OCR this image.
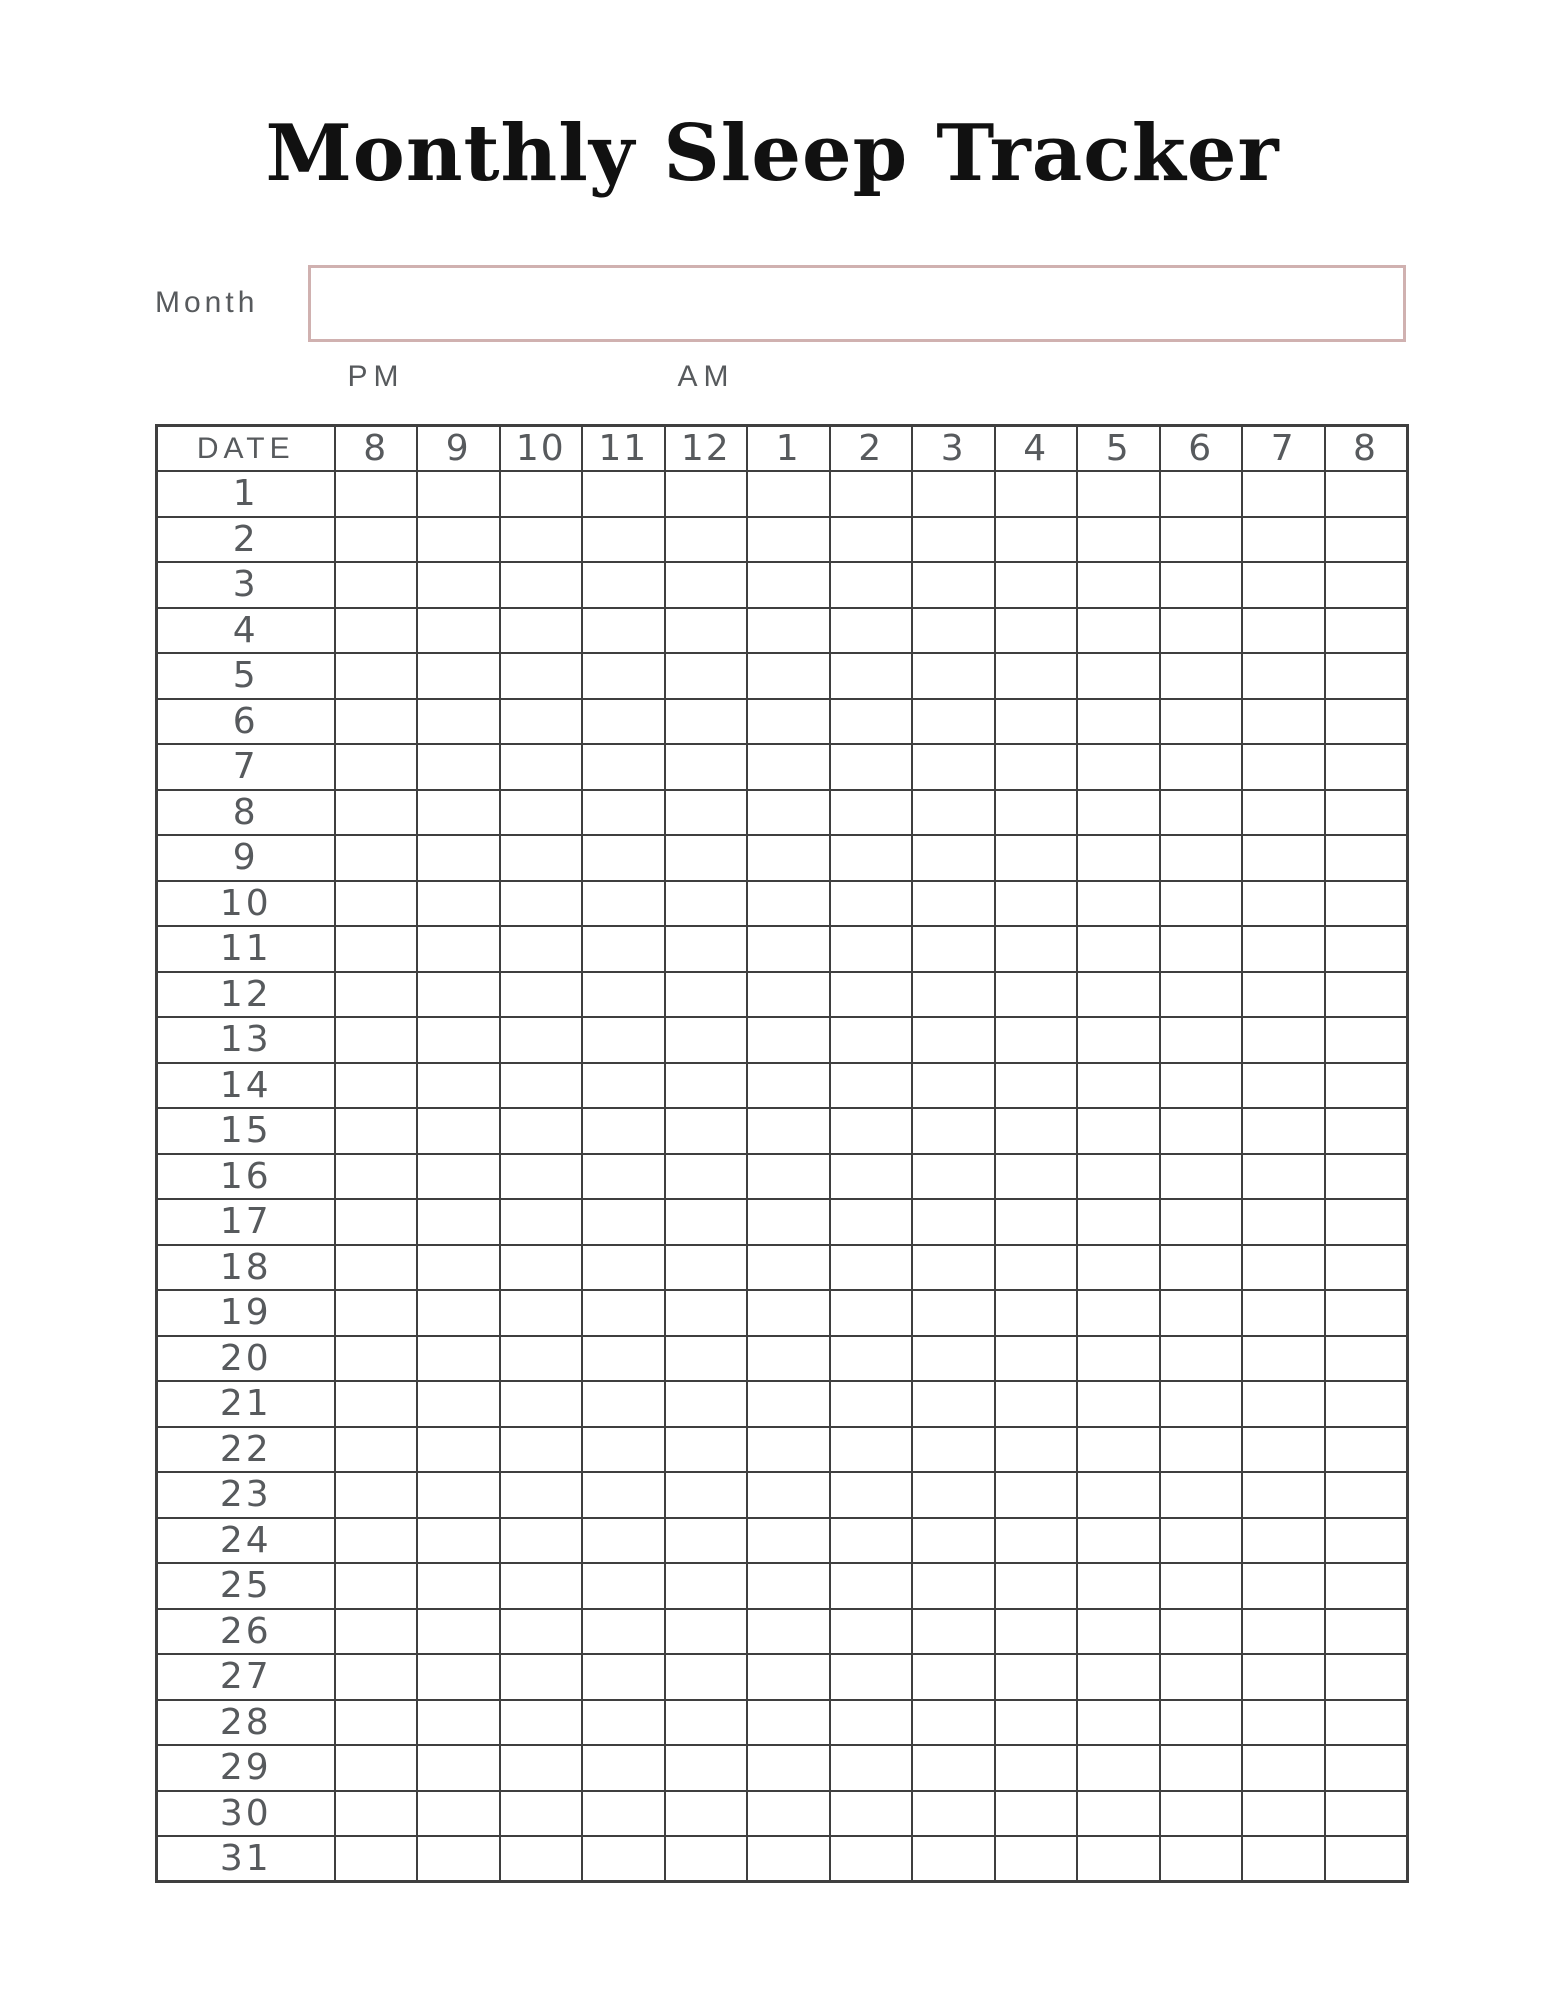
Monthly Sleep Tracker
Month
PM	AM
DATE	8	9	10	11	12	1	2	3	4	5	6	7	8
1													
2													
3													
4													
5													
6													
7													
8													
9													
10													
11													
12													
13													
14													
15													
16													
17													
18													
19													
20													
21													
22													
23													
24													
25													
26													
27													
28													
29													
30													
31													
